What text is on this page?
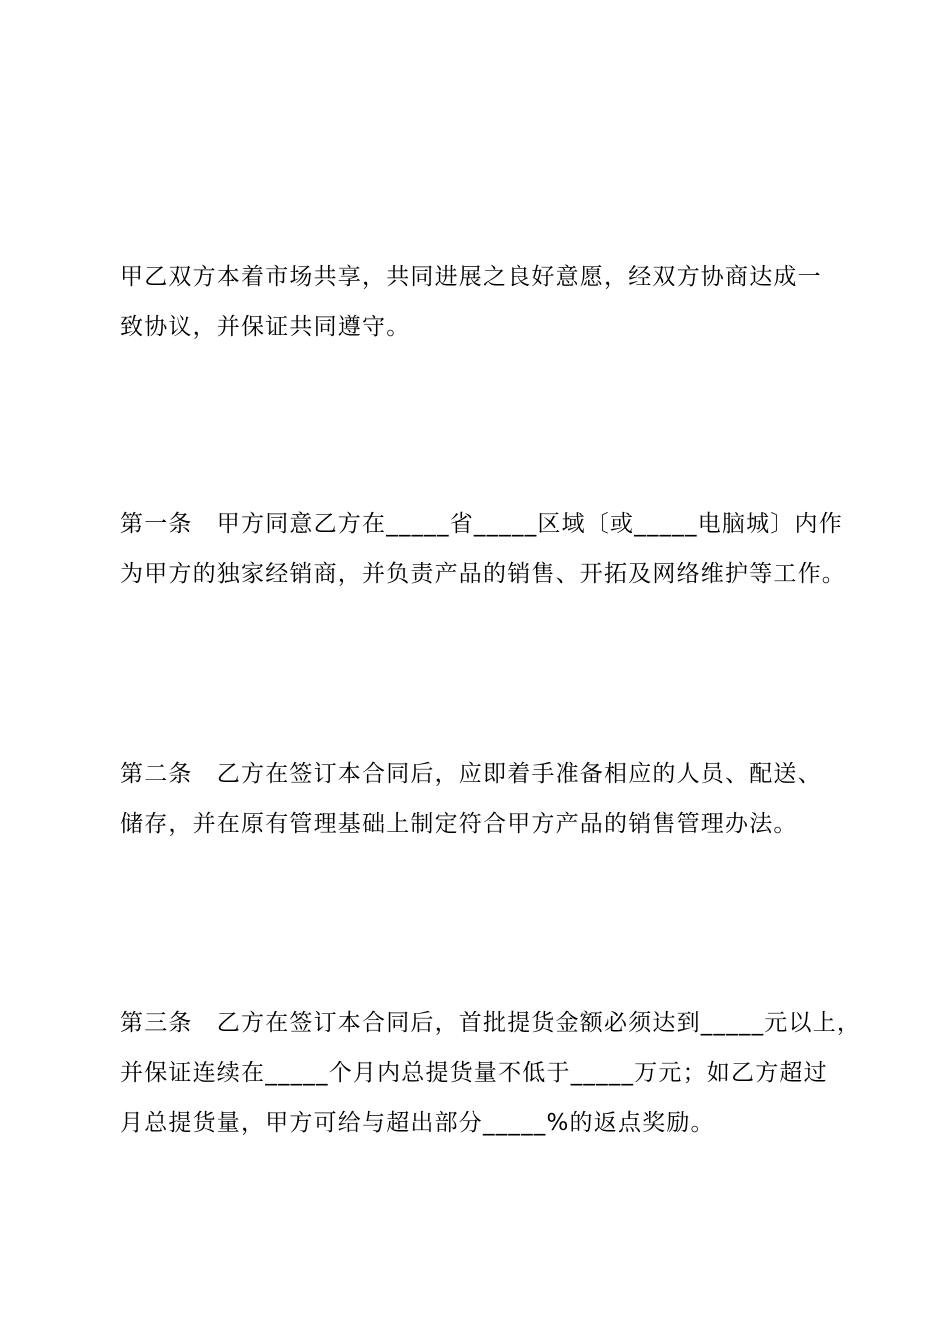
甲乙双方本着市场共享，共同进展之良好意愿，经双方协商达成一
致协议，并保证共同遵守。

第一条　甲方同意乙方在_____省_____区域〔或_____电脑城〕内作
为甲方的独家经销商，并负责产品的销售、开拓及网络维护等工作。

第二条　乙方在签订本合同后，应即着手准备相应的人员、配送、
储存，并在原有管理基础上制定符合甲方产品的销售管理办法。

第三条　乙方在签订本合同后，首批提货金额必须达到_____元以上，
并保证连续在_____个月内总提货量不低于_____万元；如乙方超过
月总提货量，甲方可给与超出部分_____%的返点奖励。
